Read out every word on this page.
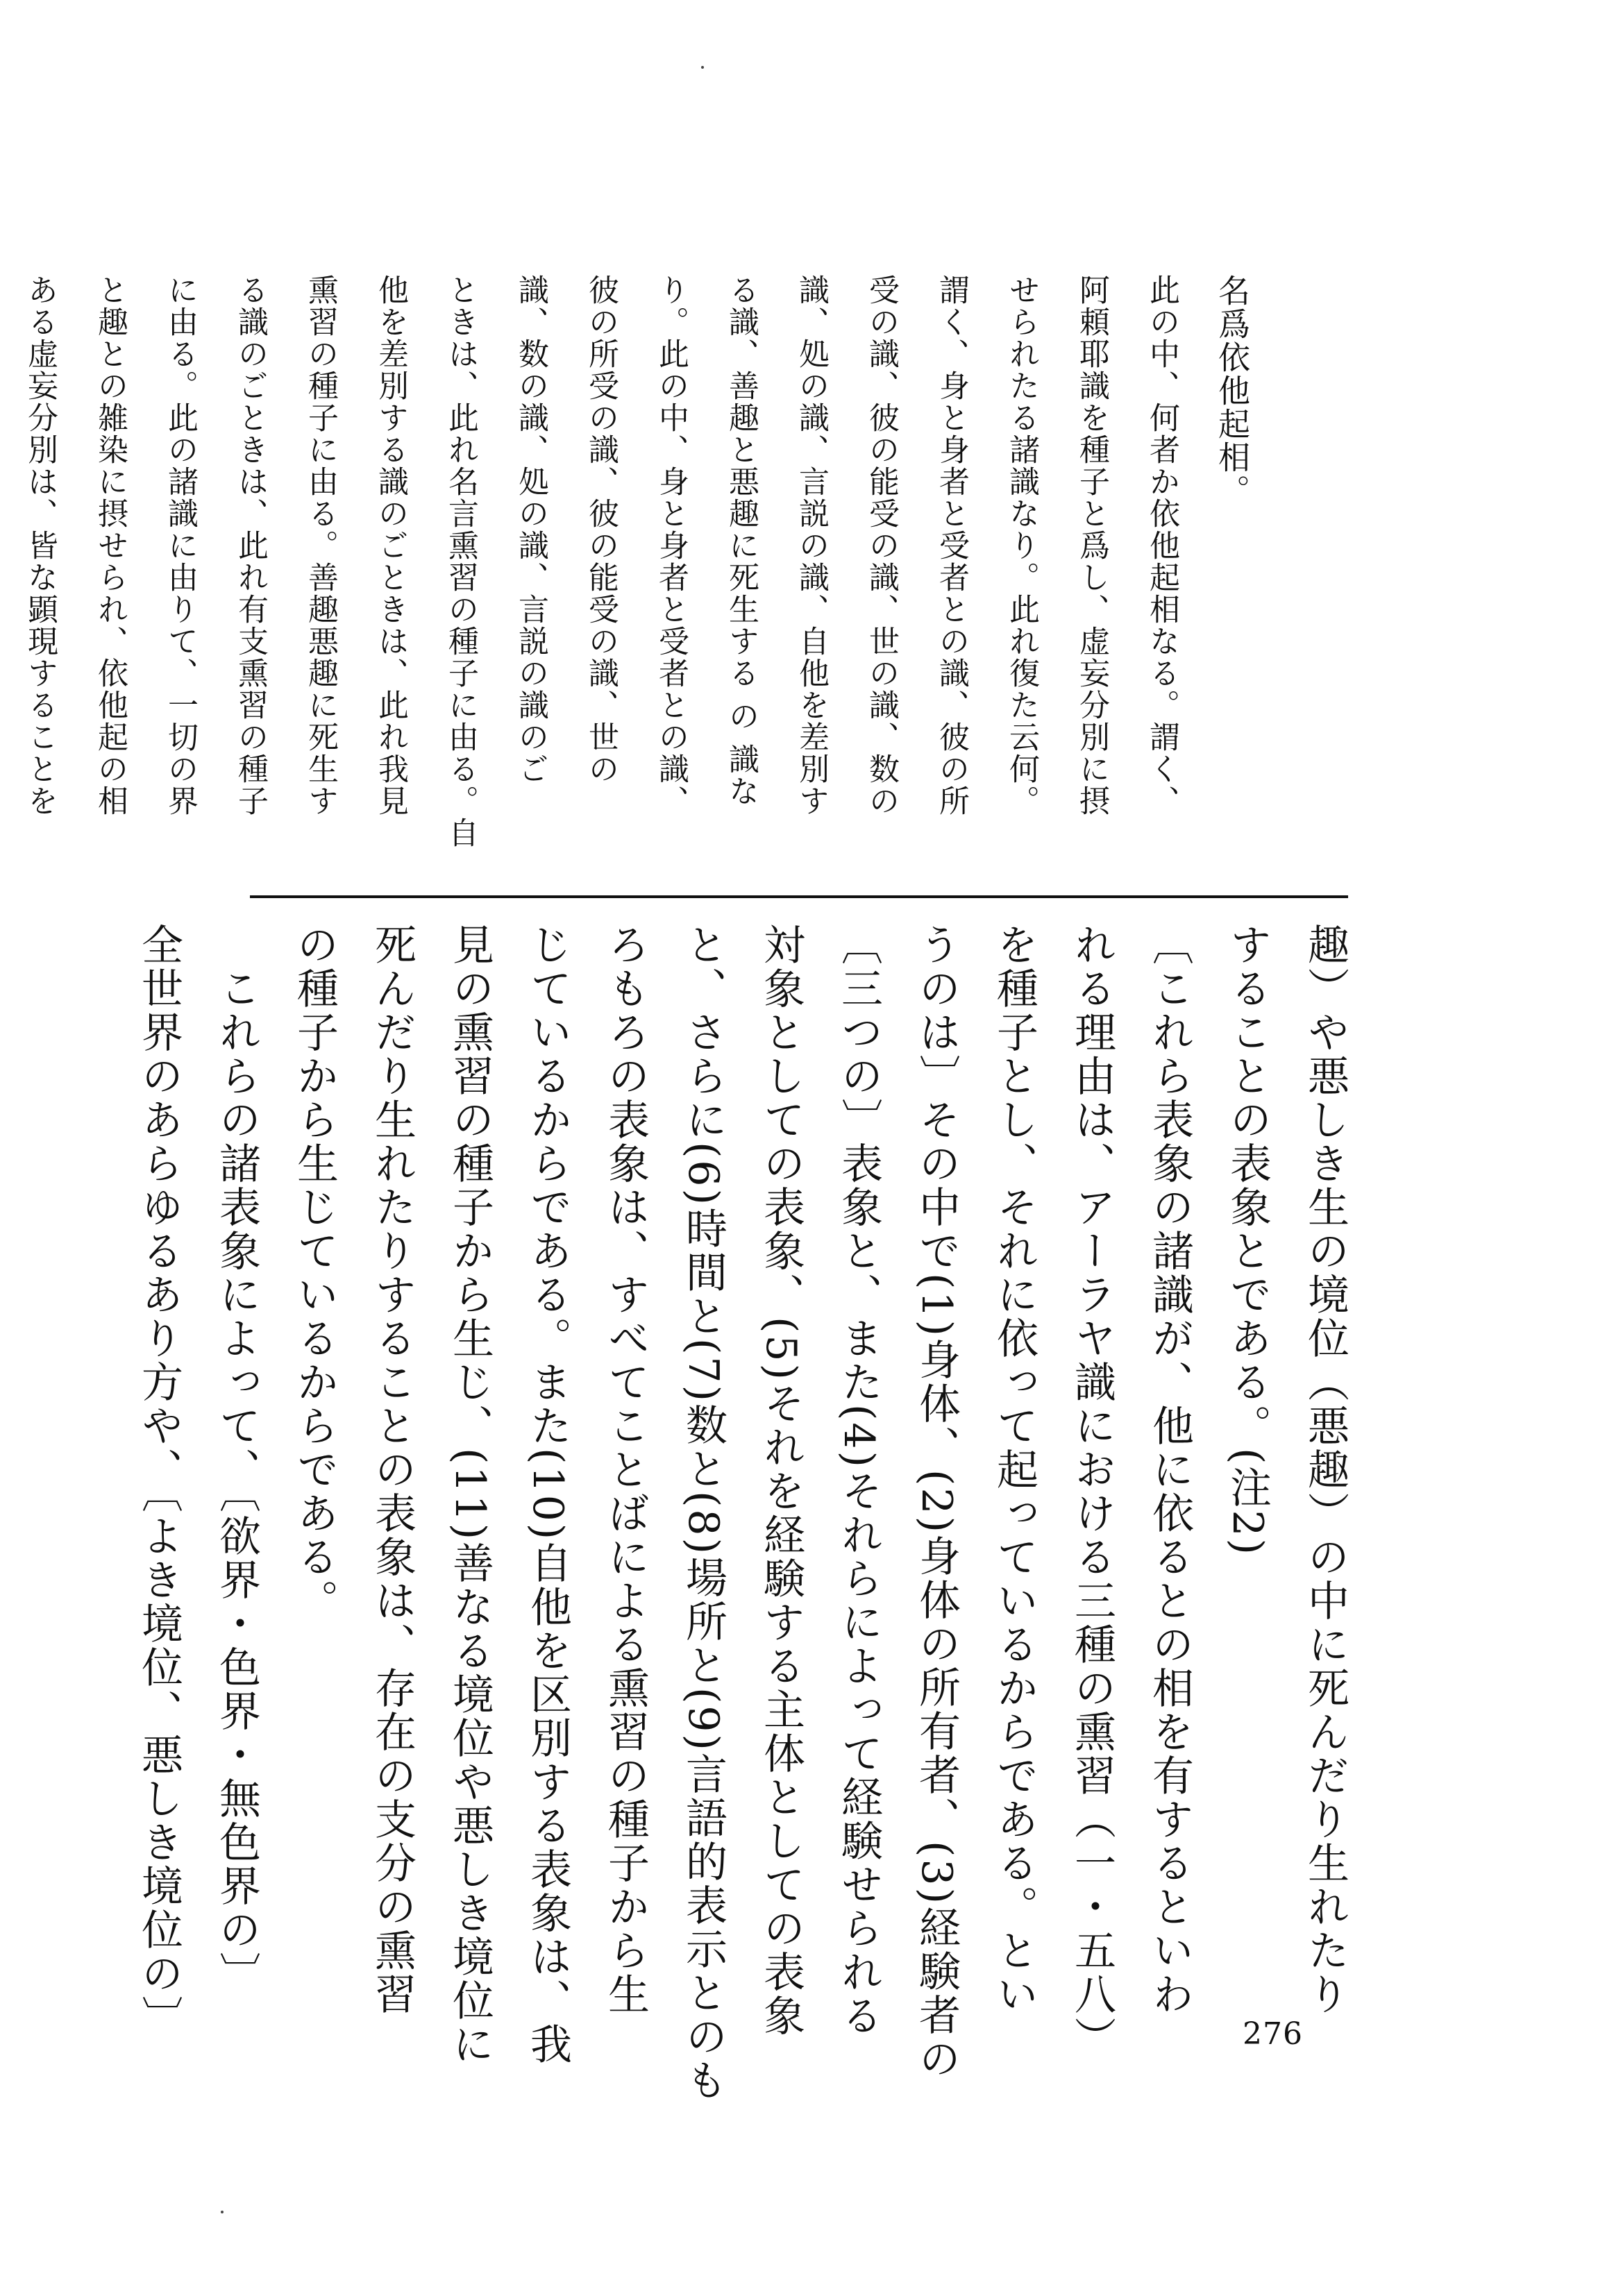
名爲依他起相。
此の中、何者か依他起相なる。謂く、
阿頼耶識を種子と爲し、虚妄分別に摂
せられたる諸識なり。此れ復た云何。
謂く、身と身者と受者との識、彼の所
受の識、彼の能受の識、世の識、数の
識、処の識、言説の識、自他を差別す
る識、善趣と悪趣に死生する の 識な
り。此の中、身と身者と受者との識、
彼の所受の識、彼の能受の識、世の
識、数の識、処の識、言説の識のご
ときは、此れ名言熏習の種子に由る。自
他を差別する識のごときは、此れ我見
熏習の種子に由る。善趣悪趣に死生す
る識のごときは、此れ有支熏習の種子
に由る。此の諸識に由りて、一切の界
と趣との雑染に摂せられ、依他起の相
ある虚妄分別は、皆な顕現することを
趣）や悪しき生の境位（悪趣）の中に死んだり生れたり
することの表象とである。(注2)
〔これら表象の諸識が、他に依るとの相を有するといわ
れる理由は、アーラヤ識における三種の熏習（一・五八）
を種子とし、それに依って起っているからである。とい
うのは〕その中で(1)身体、(2)身体の所有者、(3)経験者の
〔三つの〕表象と、また(4)それらによって経験せられる
対象としての表象、(5)それを経験する主体としての表象
と、さらに(6)時間と(7)数と(8)場所と(9)言語的表示とのも
ろもろの表象は、すべてことばによる熏習の種子から生
じているからである。また(10)自他を区別する表象は、我
見の熏習の種子から生じ、(11)善なる境位や悪しき境位に
死んだり生れたりすることの表象は、存在の支分の熏習
の種子から生じているからである。
　これらの諸表象によって、〔欲界・色界・無色界の〕
全世界のあらゆるあり方や、〔よき境位、悪しき境位の〕	276
